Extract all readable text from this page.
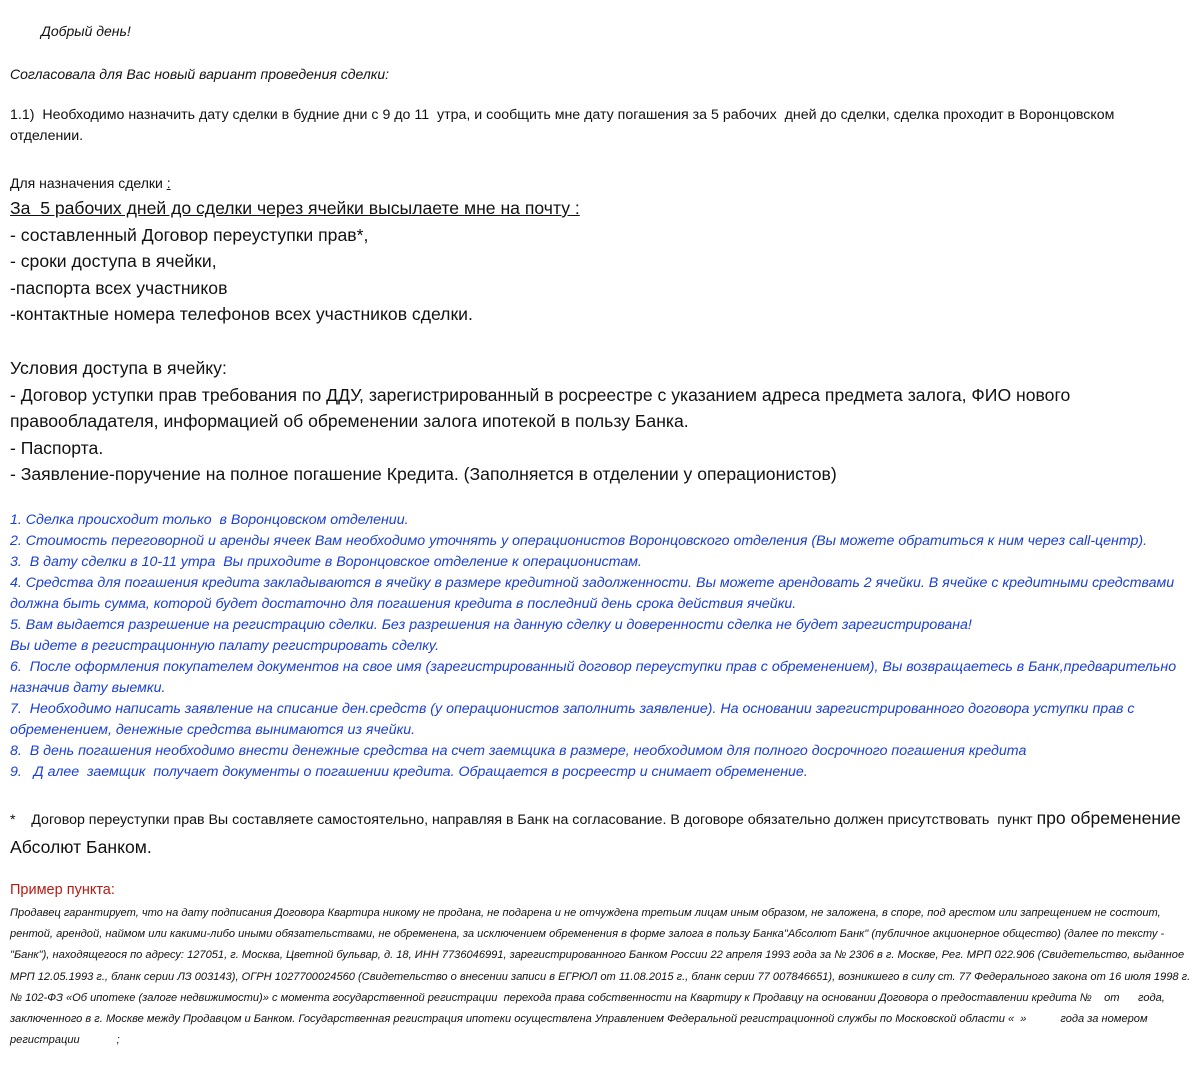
Добрый день!

Согласовала для Вас новый вариант проведения сделки:

1.1)  Необходимо назначить дату сделки в будние дни с 9 до 11  утра, и сообщить мне дату погашения за 5 рабочих  дней до сделки, сделка проходит в Воронцовском отделении.

Для назначения сделки :

За  5 рабочих дней до сделки через ячейки высылаете мне на почту :

- составленный Договор переуступки прав*,

- сроки доступа в ячейки,

-паспорта всех участников

-контактные номера телефонов всех участников сделки.

Условия доступа в ячейку:

- Договор уступки прав требования по ДДУ, зарегистрированный в росреестре с указанием адреса предмета залога, ФИО нового правообладателя, информацией об обременении залога ипотекой в пользу Банка.

- Паспорта.

- Заявление-поручение на полное погашение Кредита. (Заполняется в отделении у операционистов)

1. Сделка происходит только  в Воронцовском отделении.

2. Стоимость переговорной и аренды ячеек Вам необходимо уточнять у операционистов Воронцовского отделения (Вы можете обратиться к ним через call-центр).

3.  В дату сделки в 10-11 утра  Вы приходите в Воронцовское отделение к операционистам.

4. Средства для погашения кредита закладываются в ячейку в размере кредитной задолженности. Вы можете арендовать 2 ячейки. В ячейке с кредитными средствами должна быть сумма, которой будет достаточно для погашения кредита в последний день срока действия ячейки.

5. Вам выдается разрешение на регистрацию сделки. Без разрешения на данную сделку и доверенности сделка не будет зарегистрирована!

Вы идете в регистрационную палату регистрировать сделку.

6.  После оформления покупателем документов на свое имя (зарегистрированный договор переуступки прав с обременением), Вы возвращаетесь в Банк,предварительно назначив дату выемки.

7.  Необходимо написать заявление на списание ден.средств (у операционистов заполнить заявление). На основании зарегистрированного договора уступки прав с обременением, денежные средства вынимаются из ячейки.

8.  В день погашения необходимо внести денежные средства на счет заемщика в размере, необходимом для полного досрочного погашения кредита

9.   Д алее  заемщик  получает документы о погашении кредита. Обращается в росреестр и снимает обременение.

*    Договор переуступки прав Вы составляете самостоятельно, направляя в Банк на согласование. В договоре обязательно должен присутствовать  пункт про обременение Абсолют Банком.

Пример пункта:

Продавец гарантирует, что на дату подписания Договора Квартира никому не продана, не подарена и не отчуждена третьим лицам иным образом, не заложена, в споре, под арестом или запрещением не состоит, рентой, арендой, наймом или какими-либо иными обязательствами, не обременена, за исключением обременения в форме залога в пользу Банка"Абсолют Банк" (публичное акционерное общество) (далее по тексту - "Банк"), находящегося по адресу: 127051, г. Москва, Цветной бульвар, д. 18, ИНН 7736046991, зарегистрированного Банком России 22 апреля 1993 года за № 2306 в г. Москве, Рег. МРП 022.906 (Свидетельство, выданное МРП 12.05.1993 г., бланк серии ЛЗ 003143), ОГРН 1027700024560 (Свидетельство о внесении записи в ЕГРЮЛ от 11.08.2015 г., бланк серии 77 007846651), возникшего в силу ст. 77 Федерального закона от 16 июля 1998 г. № 102-ФЗ «Об ипотеке (залоге недвижимости)» с момента государственной регистрации  перехода права собственности на Квартиру к Продавцу на основании Договора о предоставлении кредита №    от      года, заключенного в г. Москве между Продавцом и Банком. Государственная регистрация ипотеки осуществлена Управлением Федеральной регистрационной службы по Московской области «  »           года за номером регистрации            ;
